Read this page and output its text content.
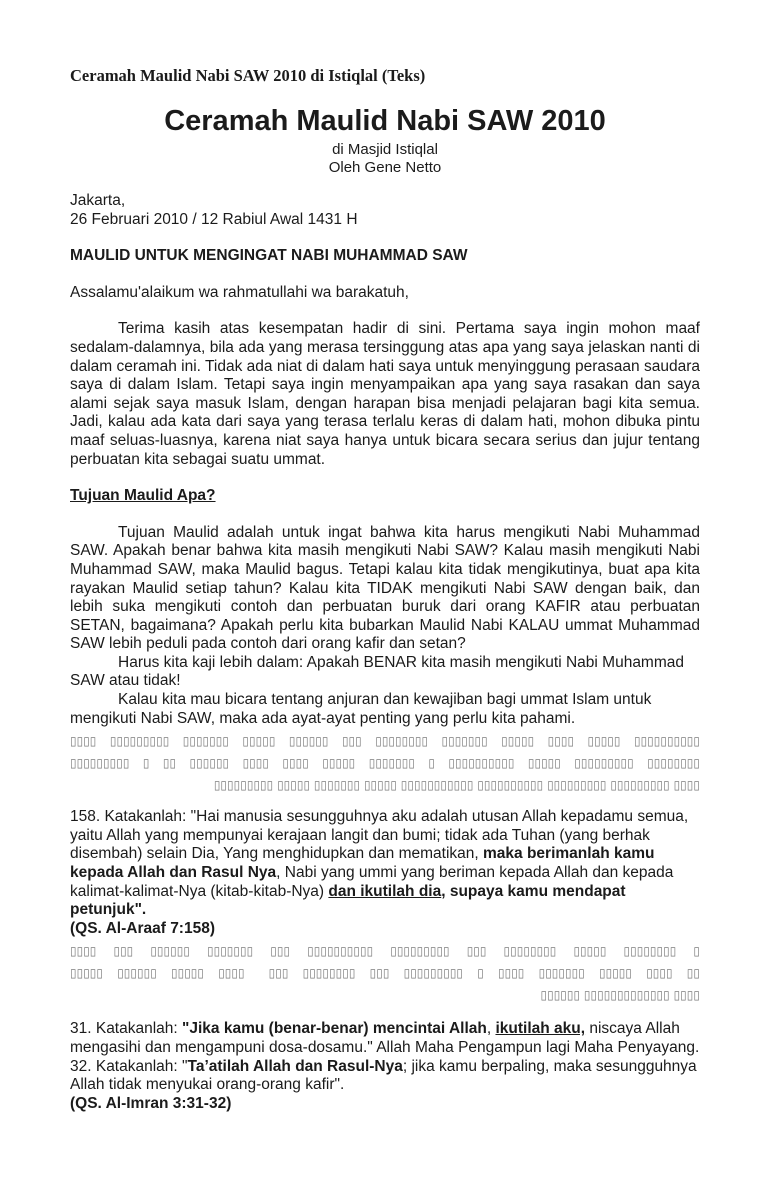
Ceramah Maulid Nabi SAW 2010 di Istiqlal (Teks)
Ceramah Maulid Nabi SAW 2010
di Masjid Istiqlal
Oleh Gene Netto
Jakarta,
26 Februari 2010 / 12 Rabiul Awal 1431 H

MAULID UNTUK MENGINGAT NABI MUHAMMAD SAW

Assalamu'alaikum wa rahmatullahi wa barakatuh,

Terima kasih atas kesempatan hadir di sini. Pertama saya ingin mohon maaf sedalam-dalamnya, bila ada yang merasa tersinggung atas apa yang saya jelaskan nanti di dalam ceramah ini. Tidak ada niat di dalam hati saya untuk menyinggung perasaan saudara saya di dalam Islam. Tetapi saya ingin menyampaikan apa yang saya rasakan dan saya alami sejak saya masuk Islam, dengan harapan bisa menjadi pelajaran bagi kita semua. Jadi, kalau ada kata dari saya yang terasa terlalu keras di dalam hati, mohon dibuka pintu maaf seluas-luasnya, karena niat saya hanya untuk bicara secara serius dan jujur tentang perbuatan kita sebagai suatu ummat.

Tujuan Maulid Apa?

Tujuan Maulid adalah untuk ingat bahwa kita harus mengikuti Nabi Muhammad SAW. Apakah benar bahwa kita masih mengikuti Nabi SAW? Kalau masih mengikuti Nabi Muhammad SAW, maka Maulid bagus. Tetapi kalau kita tidak mengikutinya, buat apa kita rayakan Maulid setiap tahun? Kalau kita TIDAK mengikuti Nabi SAW dengan baik, dan lebih suka mengikuti contoh dan perbuatan buruk dari orang KAFIR atau perbuatan SETAN, bagaimana? Apakah perlu kita bubarkan Maulid Nabi KALAU ummat Muhammad SAW lebih peduli pada contoh dari orang kafir dan setan?

Harus kita kaji lebih dalam: Apakah BENAR kita masih mengikuti Nabi Muhammad SAW atau tidak!

Kalau kita mau bicara tentang anjuran dan kewajiban bagi ummat Islam untuk mengikuti Nabi SAW, maka ada ayat-ayat penting yang perlu kita pahami.

▯▯▯▯ ▯▯▯▯▯▯▯▯▯ ▯▯▯▯▯▯▯ ▯▯▯▯▯ ▯▯▯▯▯▯ ▯▯▯ ▯▯▯▯▯▯▯▯ ▯▯▯▯▯▯▯ ▯▯▯▯▯ ▯▯▯▯ ▯▯▯▯▯ ▯▯▯▯▯▯▯▯▯▯
▯▯▯▯▯▯▯▯▯ ▯ ▯▯ ▯▯▯▯▯▯ ▯▯▯▯ ▯▯▯▯ ▯▯▯▯▯ ▯▯▯▯▯▯▯ ▯ ▯▯▯▯▯▯▯▯▯▯ ▯▯▯▯▯ ▯▯▯▯▯▯▯▯▯ ▯▯▯▯▯▯▯▯
▯▯▯▯▯▯▯▯▯ ▯▯▯▯▯ ▯▯▯▯▯▯▯ ▯▯▯▯▯ ▯▯▯▯▯▯▯▯▯▯▯ ▯▯▯▯▯▯▯▯▯▯ ▯▯▯▯▯▯▯▯▯ ▯▯▯▯▯▯▯▯▯ ▯▯▯▯

158. Katakanlah: "Hai manusia sesungguhnya aku adalah utusan Allah kepadamu semua, yaitu Allah yang mempunyai kerajaan langit dan bumi; tidak ada Tuhan (yang berhak disembah) selain Dia, Yang menghidupkan dan mematikan, maka berimanlah kamu kepada Allah dan Rasul Nya, Nabi yang ummi yang beriman kepada Allah dan kepada kalimat-kalimat-Nya (kitab-kitab-Nya) dan ikutilah dia, supaya kamu mendapat petunjuk".

(QS. Al-Araaf 7:158)
▯▯▯▯ ▯▯▯ ▯▯▯▯▯▯ ▯▯▯▯▯▯▯ ▯▯▯ ▯▯▯▯▯▯▯▯▯▯ ▯▯▯▯▯▯▯▯▯ ▯▯▯ ▯▯▯▯▯▯▯▯ ▯▯▯▯▯ ▯▯▯▯▯▯▯▯ ▯
▯▯▯▯▯ ▯▯▯▯▯▯ ▯▯▯▯▯ ▯▯▯▯  ▯▯▯ ▯▯▯▯▯▯▯▯ ▯▯▯ ▯▯▯▯▯▯▯▯▯ ▯ ▯▯▯▯ ▯▯▯▯▯▯▯ ▯▯▯▯▯ ▯▯▯▯ ▯▯
▯▯▯▯▯▯ ▯▯▯▯▯▯▯▯▯▯▯▯▯ ▯▯▯▯

31. Katakanlah: "Jika kamu (benar-benar) mencintai Allah, ikutilah aku, niscaya Allah mengasihi dan mengampuni dosa-dosamu." Allah Maha Pengampun lagi Maha Penyayang.
32. Katakanlah: "Ta’atilah Allah dan Rasul-Nya; jika kamu berpaling, maka sesungguhnya Allah tidak menyukai orang-orang kafir".

(QS. Al-Imran 3:31-32)
